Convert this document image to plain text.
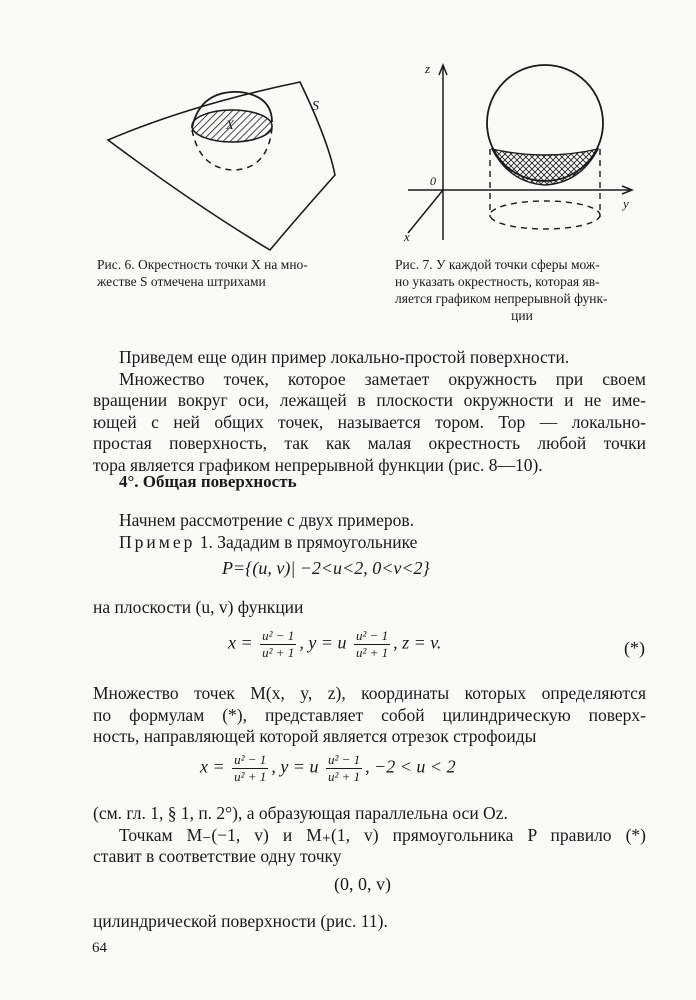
X
S
z
y
x
0
Рис. 6. Окрестность точки X на мно-
жестве S отмечена штрихами
Рис. 7. У каждой точки сферы мож-
но указать окрестность, которая яв-
ляется графиком непрерывной функ-
ции
Приведем еще один пример локально-простой поверхности.
Множество точек, которое заметает окружность при своем
вращении вокруг оси, лежащей в плоскости окружности и не име-
ющей с ней общих точек, называется тором. Тор — локально-
простая поверхность, так как малая окрестность любой точки
тора является графиком непрерывной функции (рис. 8—10).
4°. Общая поверхность
Начнем рассмотрение с двух примеров.
Пример 1. Зададим в прямоугольнике
P={(u, v)| −2<u<2, 0<v<2}
на плоскости (u, v) функции
$x = \frac{\text{u² − 1}}{\text{u² + 1}}$ , y = u $\frac{\text{u² − 1}}{\text{u² + 1}}$ , z = v.	(*)
Множество точек M(x, y, z), координаты которых определяются
по формулам (*), представляет собой цилиндрическую поверх-
ность, направляющей которой является отрезок строфоиды
$x = \frac{\text{u² − 1}}{\text{u² + 1}}$ , y = u $\frac{\text{u² − 1}}{\text{u² + 1}}$ , −2 < u < 2
(см. гл. 1, § 1, п. 2°), а образующая параллельна оси Oz.
Точкам M₋(−1, v) и M₊(1, v) прямоугольника P правило (*)
ставит в соответствие одну точку
(0, 0, v)
цилиндрической поверхности (рис. 11).
64
